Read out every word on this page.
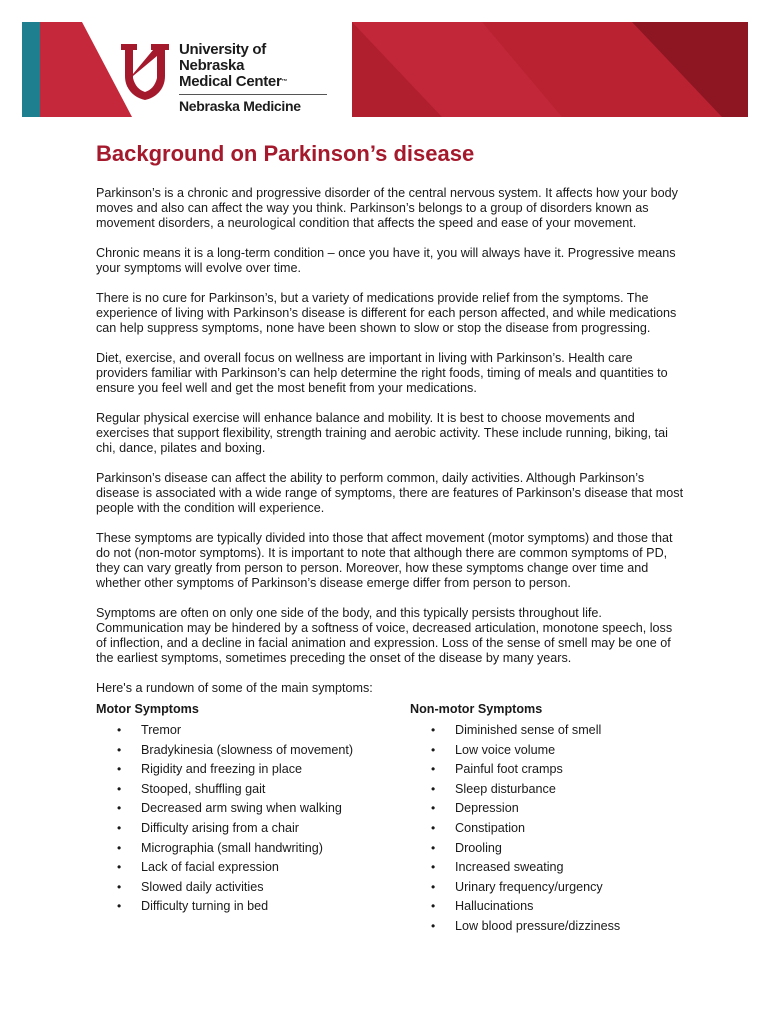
University of Nebraska
Medical Center™
Nebraska Medicine
Background on Parkinson’s disease

Parkinson’s is a chronic and progressive disorder of the central nervous system. It affects how your body moves and also can affect the way you think. Parkinson’s belongs to a group of disorders known as movement disorders, a neurological condition that affects the speed and ease of your movement.

Chronic means it is a long-term condition – once you have it, you will always have it. Progressive means your symptoms will evolve over time.

There is no cure for Parkinson’s, but a variety of medications provide relief from the symptoms. The experience of living with Parkinson’s disease is different for each person affected, and while medications can help suppress symptoms, none have been shown to slow or stop the disease from progressing.

Diet, exercise, and overall focus on wellness are important in living with Parkinson’s. Health care providers familiar with Parkinson’s can help determine the right foods, timing of meals and quantities to ensure you feel well and get the most benefit from your medications.

Regular physical exercise will enhance balance and mobility. It is best to choose movements and exercises that support flexibility, strength training and aerobic activity. These include running, biking, tai chi, dance, pilates and boxing.

Parkinson’s disease can affect the ability to perform common, daily activities. Although Parkinson’s disease is associated with a wide range of symptoms, there are features of Parkinson’s disease that most people with the condition will experience.

These symptoms are typically divided into those that affect movement (motor symptoms) and those that do not (non-motor symptoms). It is important to note that although there are common symptoms of PD, they can vary greatly from person to person. Moreover, how these symptoms change over time and whether other symptoms of Parkinson’s disease emerge differ from person to person.

Symptoms are often on only one side of the body, and this typically persists throughout life. Communication may be hindered by a softness of voice, decreased articulation, monotone speech, loss of inflection, and a decline in facial animation and expression. Loss of the sense of smell may be one of the earliest symptoms, sometimes preceding the onset of the disease by many years.

Here's a rundown of some of the main symptoms:

Motor Symptoms
• Tremor
• Bradykinesia (slowness of movement)
• Rigidity and freezing in place
• Stooped, shuffling gait
• Decreased arm swing when walking
• Difficulty arising from a chair
• Micrographia (small handwriting)
• Lack of facial expression
• Slowed daily activities
• Difficulty turning in bed
Non-motor Symptoms
• Diminished sense of smell
• Low voice volume
• Painful foot cramps
• Sleep disturbance
• Depression
• Constipation
• Drooling
• Increased sweating
• Urinary frequency/urgency
• Hallucinations
• Low blood pressure/dizziness
